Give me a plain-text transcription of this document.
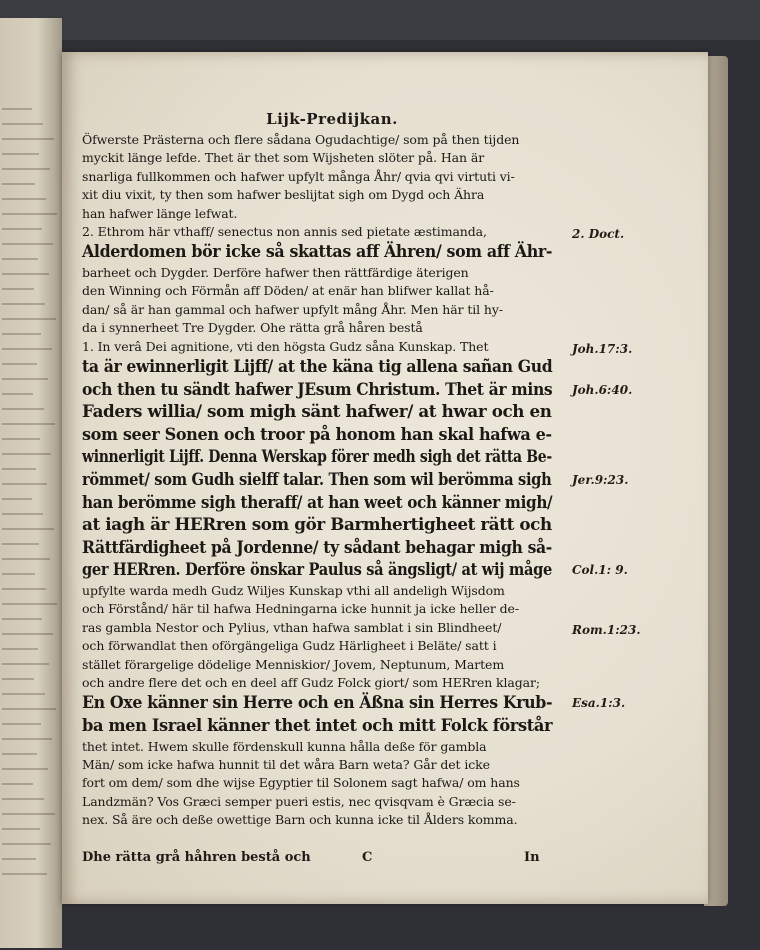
Lijk-Predijkan.
Öfwerste Prästerna och flere sådana Ogudachtige/ som på then tijden
myckit länge lefde. Thet är thet som Wijsheten slöter på. Han är
snarliga fullkommen och hafwer upfylt många Åhr/ qvia qvi virtuti vi-
xit diu vixit, ty then som hafwer beslijtat sigh om Dygd och Ähra
han hafwer länge lefwat.
2. Ethrom här vthaff/ senectus non annis sed pietate æstimanda,
Alderdomen bör icke så skattas aff Ähren/ som aff Ähr-
barheet och Dygder. Derföre hafwer then rättfärdige äterigen
den Winning och Förmån aff Döden/ at enär han blifwer kallat hå-
dan/ så är han gammal och hafwer upfylt mång Åhr. Men här til hy-
da i synnerheet Tre Dygder. Ohe rätta grå håren bestå
1. In verâ Dei agnitione, vti den högsta Gudz såna Kunskap. Thet
ta är ewinnerligit Lijff/ at the käna tig allena sañan Gud
och then tu sändt hafwer JEsum Christum. Thet är mins
Faders willia/ som migh sänt hafwer/ at hwar och en
som seer Sonen och troor på honom han skal hafwa e-
winnerligit Lijff. Denna Werskap förer medh sigh det rätta Be-
römmet/ som Gudh sielff talar. Then som wil berömma sigh
han berömme sigh theraff/ at han weet och känner migh/
at iagh är HERren som gör Barmhertigheet rätt och
Rättfärdigheet på Jordenne/ ty sådant behagar migh så-
ger HERren. Derföre önskar Paulus så ängsligt/ at wij måge
upfylte warda medh Gudz Wiljes Kunskap vthi all andeligh Wijsdom
och Förstånd/ här til hafwa Hedningarna icke hunnit ja icke heller de-
ras gambla Nestor och Pylius, vthan hafwa samblat i sin Blindheet/
och förwandlat then oförgängeliga Gudz Härligheet i Beläte/ satt i
stället förargelige dödelige Menniskior/ Jovem, Neptunum, Martem
och andre flere det och en deel aff Gudz Folck giort/ som HERren klagar;
En Oxe känner sin Herre och en Äßna sin Herres Krub-
ba men Israel känner thet intet och mitt Folck förstår
thet intet. Hwem skulle fördenskull kunna hålla deße för gambla
Män/ som icke hafwa hunnit til det wåra Barn weta? Går det icke
fort om dem/ som dhe wijse Egyptier til Solonem sagt hafwa/ om hans
Landzmän? Vos Græci semper pueri estis, nec qvisqvam è Græcia se-
nex. Så äre och deße owettige Barn och kunna icke til Ålders komma.
2. Doct.
Joh.17:3.
Joh.6:40.
Jer.9:23.
Col.1: 9.
Rom.1:23.
Esa.1:3.
Dhe rätta grå håhren bestå och	C	In
